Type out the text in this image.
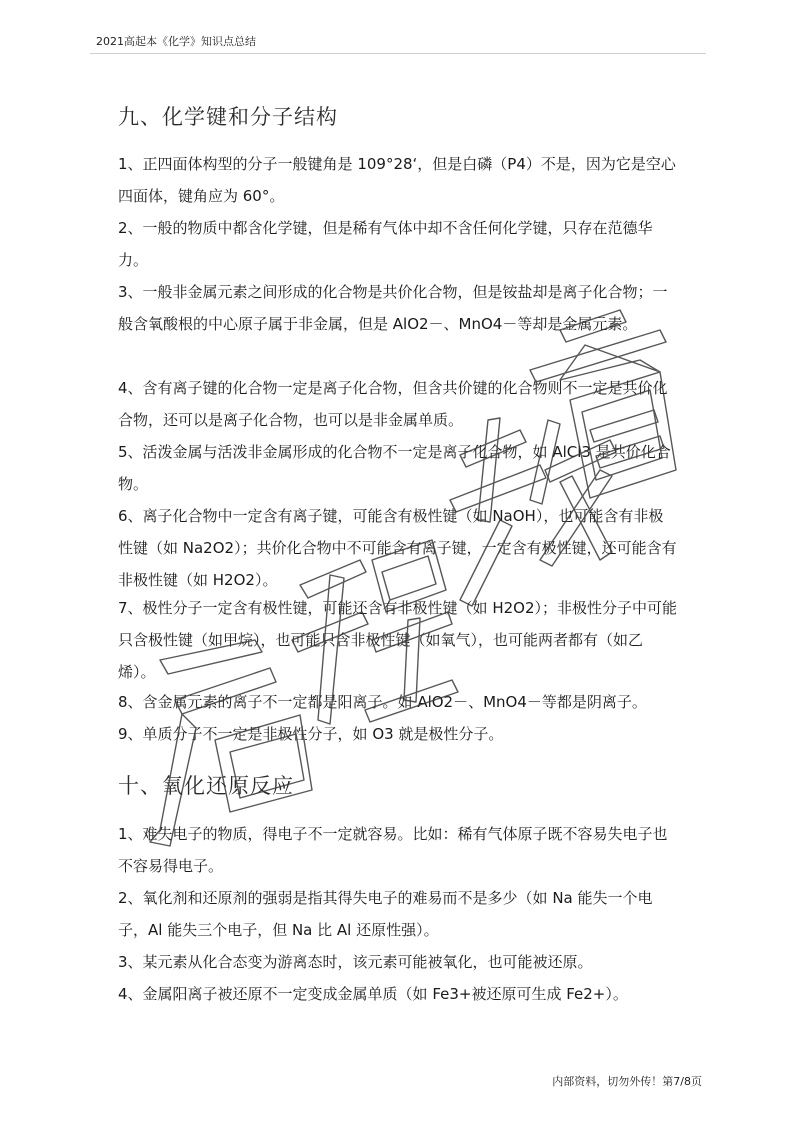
2021高起本《化学》知识点总结
九、化学键和分子结构

1、正四面体构型的分子一般键角是 109°28‘，但是白磷（P4）不是，因为它是空心四面体，键角应为 60°。

2、一般的物质中都含化学键，但是稀有气体中却不含任何化学键，只存在范德华力。

3、一般非金属元素之间形成的化合物是共价化合物，但是铵盐却是离子化合物；一般含氧酸根的中心原子属于非金属，但是 AlO2－、MnO4－等却是金属元素。

4、含有离子键的化合物一定是离子化合物，但含共价键的化合物则不一定是共价化合物，还可以是离子化合物，也可以是非金属单质。

5、活泼金属与活泼非金属形成的化合物不一定是离子化合物，如 AlCl3 是共价化合物。

6、离子化合物中一定含有离子键，可能含有极性键（如 NaOH），也可能含有非极性键（如 Na2O2）；共价化合物中不可能含有离子键，一定含有极性键，还可能含有非极性键（如 H2O2）。

7、极性分子一定含有极性键，可能还含有非极性键（如 H2O2）；非极性分子中可能只含极性键（如甲烷），也可能只含非极性键（如氧气），也可能两者都有（如乙烯）。

8、含金属元素的离子不一定都是阳离子。如 AlO2－、MnO4－等都是阴离子。

9、单质分子不一定是非极性分子，如 O3 就是极性分子。

十、氧化还原反应

1、难失电子的物质，得电子不一定就容易。比如：稀有气体原子既不容易失电子也不容易得电子。

2、氧化剂和还原剂的强弱是指其得失电子的难易而不是多少（如 Na 能失一个电子，Al 能失三个电子，但 Na 比 Al 还原性强）。

3、某元素从化合态变为游离态时，该元素可能被氧化，也可能被还原。

4、金属阳离子被还原不一定变成金属单质（如 Fe3+被还原可生成 Fe2+）。

内部资料，切勿外传！第7/8页
